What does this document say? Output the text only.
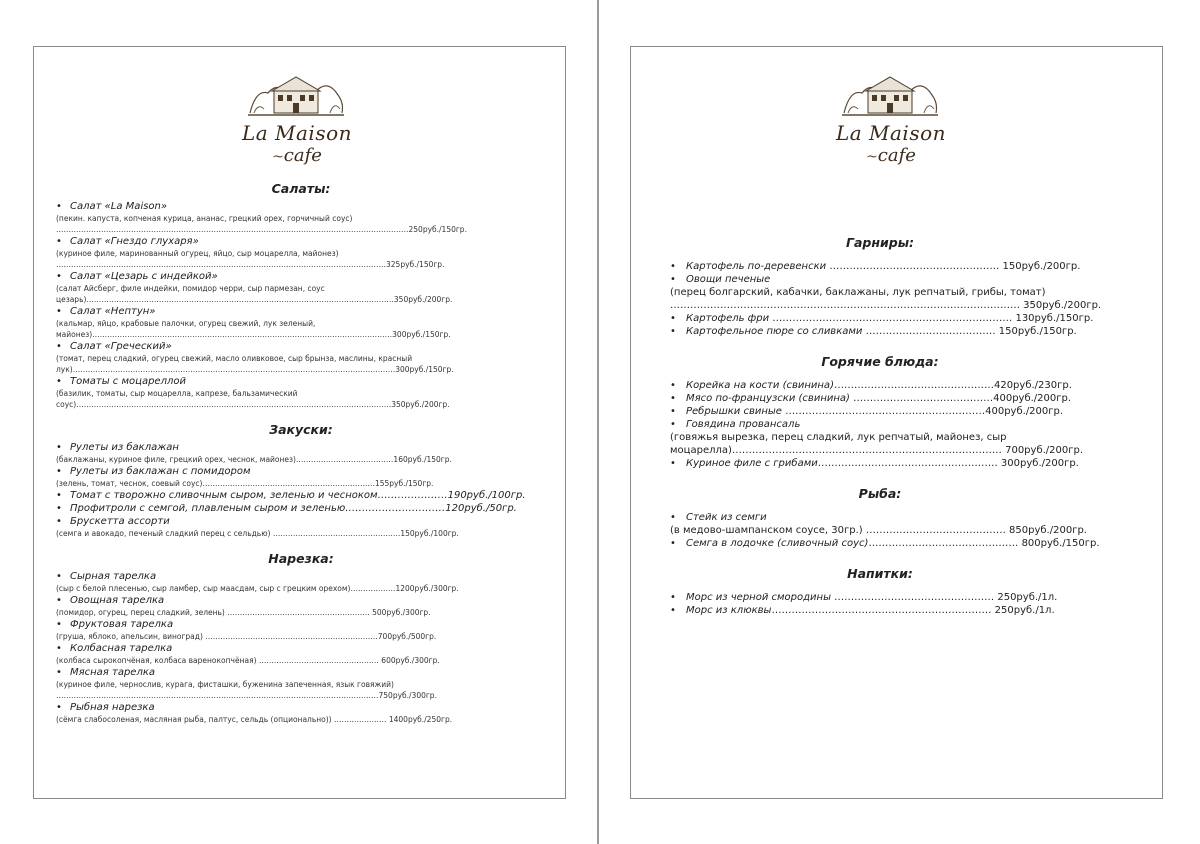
La Maison
~cafe
Салаты:
• Салат «La Maison»
(пекин. капуста, копченая курица, ананас, грецкий орех, горчичный соус)
……………………………………………………………………………………………………………………………250руб./150гр.
• Салат «Гнездо глухаря»
(куриное филе, маринованный огурец, яйцо, сыр моцарелла, майонез)
……………………………………………………………………………………………………………………325руб./150гр.
• Салат «Цезарь с индейкой»
(салат Айсберг, филе индейки, помидор черри, сыр пармезан, соус
цезарь)……………………………………………………………………………………………………………350руб./200гр.
• Салат «Нептун»
(кальмар, яйцо, крабовые палочки, огурец свежий, лук зеленый,
майонез)…………………………………………………………………………………………………………300руб./150гр.
• Салат «Греческий»
(томат, перец сладкий, огурец свежий, масло оливковое, сыр брынза, маслины, красный
лук)…………………………………………………………………………………………………………………300руб./150гр.
• Томаты с моцареллой
(базилик, томаты, сыр моцарелла, капрезе, бальзамический
соус)………………………………………………………………………………………………………………350руб./200гр.
Закуски:
• Рулеты из баклажан
(баклажаны, куриное филе, грецкий орех, чеснок, майонез)…………………………………160руб./150гр.
• Рулеты из баклажан с помидором
(зелень, томат, чеснок, соевый соус)……………………………………………………………155руб./150гр.
• Томат с творожно сливочным сыром, зеленью и чесноком…………………190руб./100гр.
• Профитроли с семгой, плавленым сыром и зеленью…………………………120руб./50гр.
• Брускетта ассорти
(семга и авокадо, печеный сладкий перец с сельдью) ……………………………………………150руб./100гр.
Нарезка:
• Сырная тарелка
(сыр с белой плесенью, сыр ламбер, сыр маасдам, сыр с грецким орехом)………………1200руб./300гр.
• Овощная тарелка
(помидор, огурец, перец сладкий, зелень) ………………………………………………… 500руб./300гр.
• Фруктовая тарелка
(груша, яблоко, апельсин, виноград) ……………………………………………………………700руб./500гр.
• Колбасная тарелка
(колбаса сырокопчёная, колбаса варенокопчёная) ………………………………………… 600руб./300гр.
• Мясная тарелка
(куриное филе, чернослив, курага, фисташки, буженина запеченная, язык говяжий)
…………………………………………………………………………………………………………………750руб./300гр.
• Рыбная нарезка
(сёмга слабосоленая, масляная рыба, палтус, сельдь (опционально)) ………………… 1400руб./250гр.
La Maison
~cafe
Гарниры:
• Картофель по-деревенски …………………………………………… 150руб./200гр.
• Овощи печеные
(перец болгарский, кабачки, баклажаны, лук репчатый, грибы, томат)
…………………………………………………………………………………………… 350руб./200гр.
• Картофель фри ……………………………………………………………… 130руб./150гр.
• Картофельное пюре со сливками ………………………………… 150руб./150гр.
Горячие блюда:
• Корейка на кости (свинина)…………………………………………420руб./230гр.
• Мясо по-французски (свинина) ……………………………………400руб./200гр.
• Ребрышки свиные ……………………………………………………400руб./200гр.
• Говядина провансаль
(говяжья вырезка, перец сладкий, лук репчатый, майонез, сыр
моцарелла)……………………………………………………………………… 700руб./200гр.
• Куриное филе с грибами……………………………………………… 300руб./200гр.
Рыба:
• Стейк из семги
(в медово-шампанском соусе, 30гр.) …………………………………… 850руб./200гр.
• Семга в лодочке (сливочный соус)……………………………………… 800руб./150гр.
Напитки:
• Морс из черной смородины ………………………………………… 250руб./1л.
• Морс из клюквы………………………………………………………… 250руб./1л.
